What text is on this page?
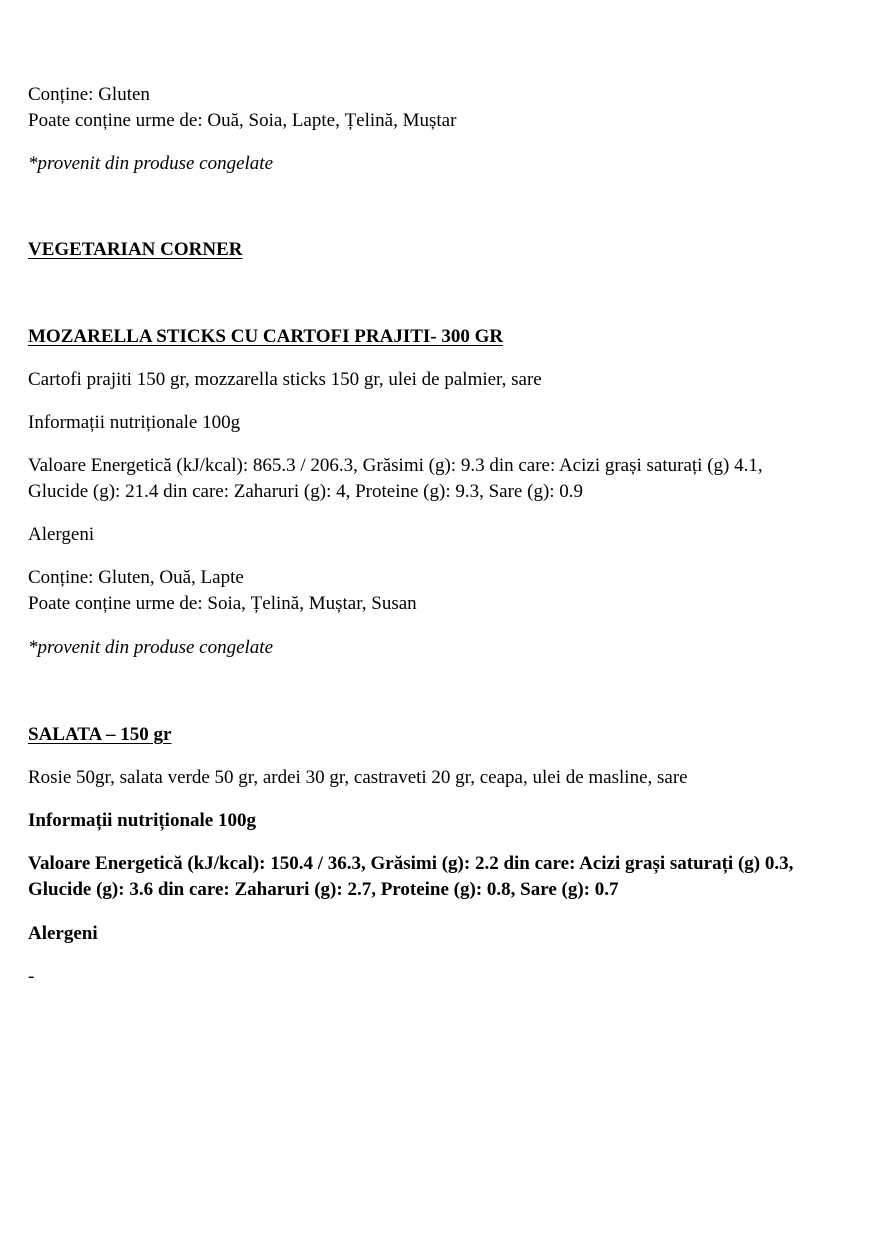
Conține: Gluten
Poate conține urme de: Ouă, Soia, Lapte, Țelină, Muștar
*provenit din produse congelate
VEGETARIAN CORNER
MOZARELLA STICKS CU CARTOFI PRAJITI- 300 GR
Cartofi prajiti 150 gr, mozzarella sticks 150 gr, ulei de palmier, sare
Informații nutriționale 100g
Valoare Energetică (kJ/kcal): 865.3 / 206.3, Grăsimi (g): 9.3 din care: Acizi grași saturați (g) 4.1,
Glucide (g): 21.4 din care: Zaharuri (g): 4, Proteine (g): 9.3, Sare (g): 0.9
Alergeni
Conține: Gluten, Ouă, Lapte
Poate conține urme de: Soia, Țelină, Muștar, Susan
*provenit din produse congelate
SALATA – 150 gr
Rosie 50gr, salata verde 50 gr, ardei 30 gr, castraveti 20 gr, ceapa, ulei de masline, sare
Informații nutriționale 100g
Valoare Energetică (kJ/kcal): 150.4 / 36.3, Grăsimi (g): 2.2 din care: Acizi grași saturați (g) 0.3,
Glucide (g): 3.6 din care: Zaharuri (g): 2.7, Proteine (g): 0.8, Sare (g): 0.7
Alergeni
-
